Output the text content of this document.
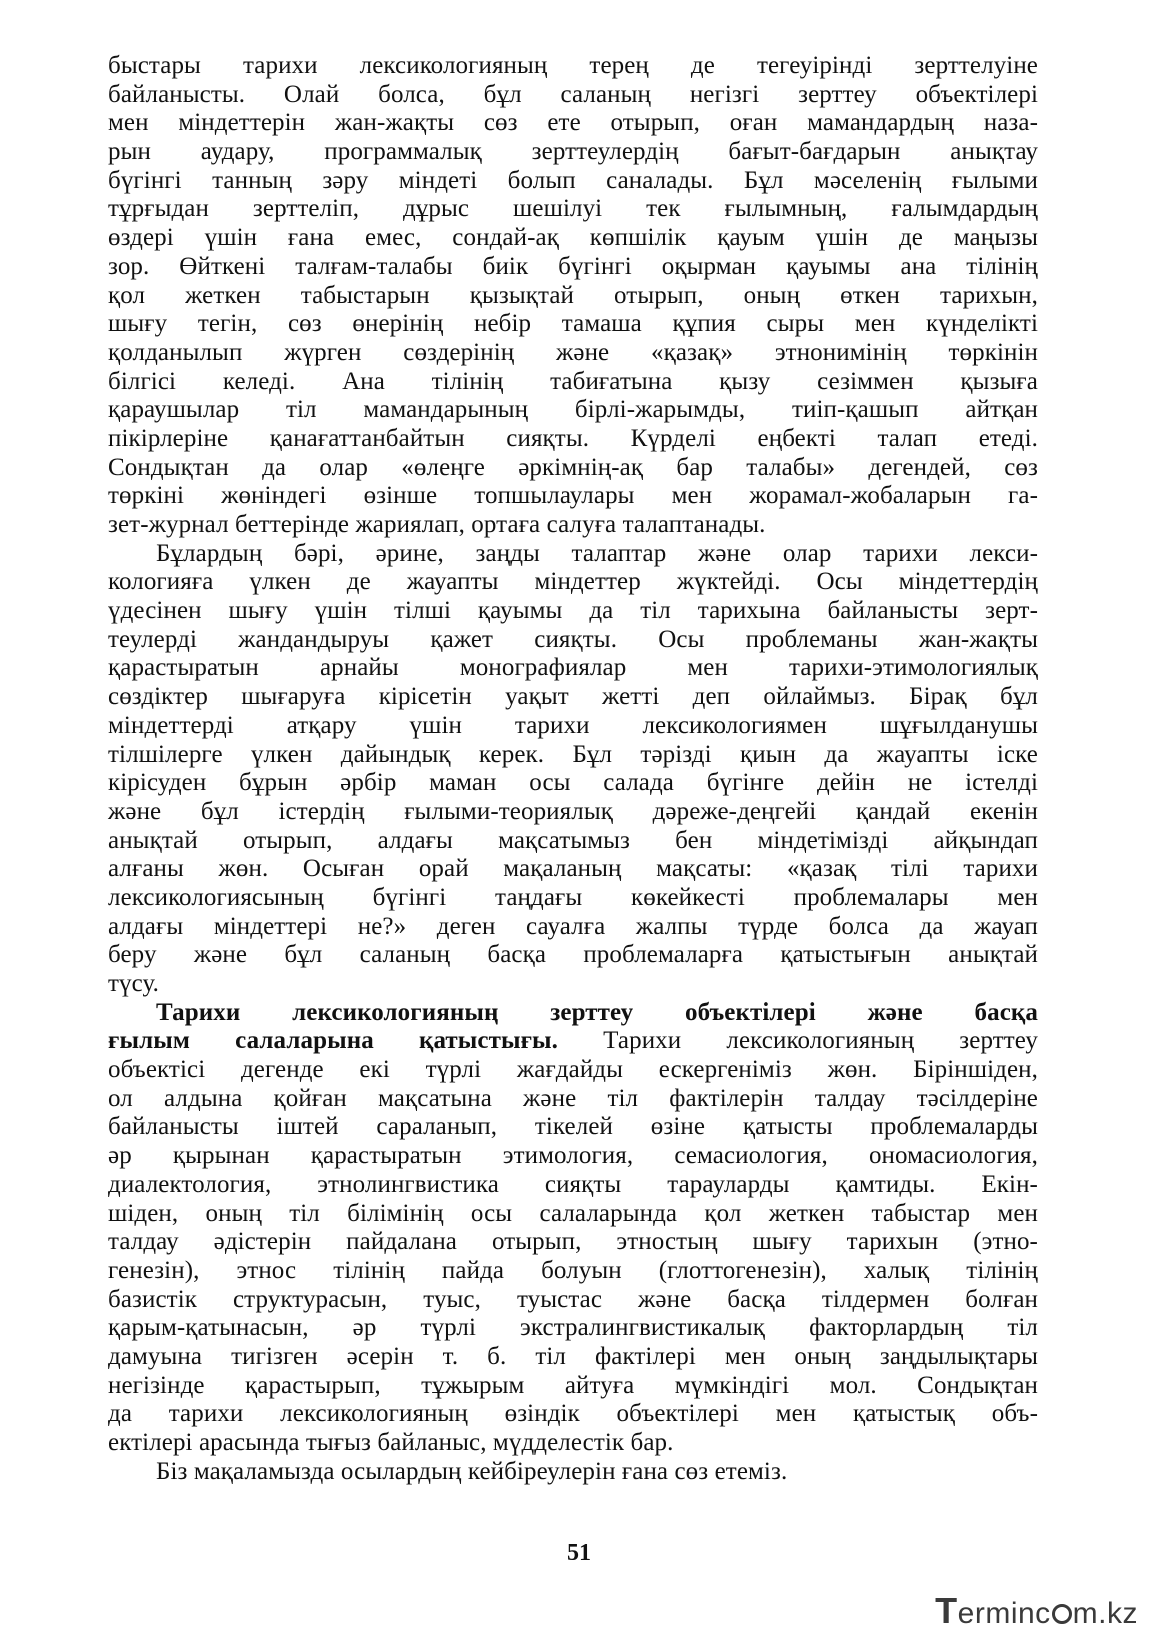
быстары тарихи лексикологияның терең де тегеуірінді зерттелуіне
байланысты. Олай болса, бұл саланың негізгі зерттеу объектілері
мен міндеттерін жан-жақты сөз ете отырып, оған мамандардың наза-
рын аудару, программалық зерттеулердің бағыт-бағдарын анықтау
бүгінгі танның зәру міндеті болып саналады. Бұл мәселенің ғылыми
тұрғыдан зерттеліп, дұрыс шешілуі тек ғылымның, ғалымдардың
өздері үшін ғана емес, сондай-ақ көпшілік қауым үшін де маңызы
зор. Өйткені талғам-талабы биік бүгінгі оқырман қауымы ана тілінің
қол жеткен табыстарын қызықтай отырып, оның өткен тарихын,
шығу тегін, сөз өнерінің небір тамаша құпия сыры мен күнделікті
қолданылып жүрген сөздерінің және «қазақ» этнонимінің төркінін
білгісі келеді. Ана тілінің табиғатына қызу сезіммен қызыға
қараушылар тіл мамандарының бірлі-жарымды, тиіп-қашып айтқан
пікірлеріне қанағаттанбайтын сияқты. Күрделі еңбекті талап етеді.
Сондықтан да олар «өлеңге әркімнің-ақ бар талабы» дегендей, сөз
төркіні жөніндегі өзінше топшылаулары мен жорамал-жобаларын га-
зет-журнал беттерінде жариялап, ортаға салуға талаптанады.
Бұлардың бәрі, әрине, заңды талаптар және олар тарихи лекси-
кологияға үлкен де жауапты міндеттер жүктейді. Осы міндеттердің
үдесінен шығу үшін тілші қауымы да тіл тарихына байланысты зерт-
теулерді жандандыруы қажет сияқты. Осы проблеманы жан-жақты
қарастыратын арнайы монографиялар мен тарихи-этимологиялық
сөздіктер шығаруға кірісетін уақыт жетті деп ойлаймыз. Бірақ бұл
міндеттерді атқару үшін тарихи лексикологиямен шұғылданушы
тілшілерге үлкен дайындық керек. Бұл тәрізді қиын да жауапты іске
кірісуден бұрын әрбір маман осы салада бүгінге дейін не істелді
және бұл істердің ғылыми-теориялық дәреже-деңгейі қандай екенін
анықтай отырып, алдағы мақсатымыз бен міндетімізді айқындап
алғаны жөн. Осыған орай мақаланың мақсаты: «қазақ тілі тарихи
лексикологиясының бүгінгі таңдағы көкейкесті проблемалары мен
алдағы міндеттері не?» деген сауалға жалпы түрде болса да жауап
беру және бұл саланың басқа проблемаларға қатыстығын анықтай
түсу.
Тарихи лексикологияның зерттеу объектілері және басқа
ғылым салаларына қатыстығы. Тарихи лексикологияның зерттеу
объектісі дегенде екі түрлі жағдайды ескергеніміз жөн. Біріншіден,
ол алдына қойған мақсатына және тіл фактілерін талдау тәсілдеріне
байланысты іштей сараланып, тікелей өзіне қатысты проблемаларды
әр қырынан қарастыратын этимология, семасиология, ономасиология,
диалектология, этнолингвистика сияқты тарауларды қамтиды. Екін-
шіден, оның тіл білімінің осы салаларында қол жеткен табыстар мен
талдау әдістерін пайдалана отырып, этностың шығу тарихын (этно-
генезін), этнос тілінің пайда болуын (глоттогенезін), халық тілінің
базистік структурасын, туыс, туыстас және басқа тілдермен болған
қарым-қатынасын, әр түрлі экстралингвистикалық факторлардың тіл
дамуына тигізген әсерін т. б. тіл фактілері мен оның заңдылықтары
негізінде қарастырып, тұжырым айтуға мүмкіндігі мол. Сондықтан
да тарихи лексикологияның өзіндік объектілері мен қатыстық объ-
ектілері арасында тығыз байланыс, мүдделестік бар.
Біз мақаламызда осылардың кейбіреулерін ғана сөз етеміз.
51
Terminc m.kz
